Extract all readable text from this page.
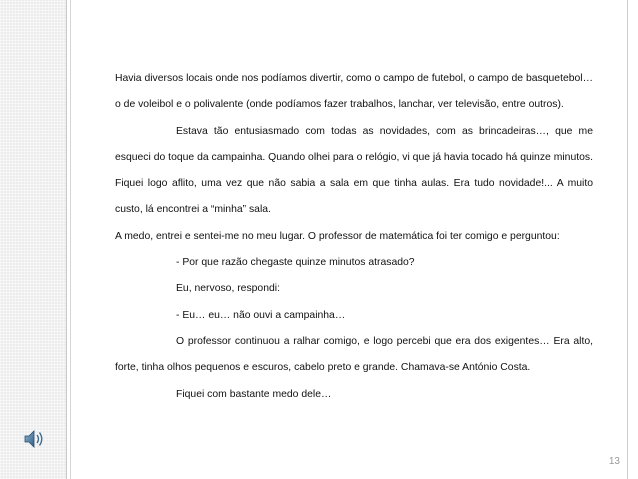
Havia diversos locais onde nos podíamos divertir, como o campo de futebol, o campo de basquetebol… o de voleibol e o polivalente (onde podíamos fazer trabalhos, lanchar, ver televisão, entre outros).

Estava tão entusiasmado com todas as novidades, com as brincadeiras…, que me esqueci do toque da campainha. Quando olhei para o relógio, vi que já havia tocado há quinze minutos. Fiquei logo aflito, uma vez que não sabia a sala em que tinha aulas. Era tudo novidade!... A muito custo, lá encontrei a “minha” sala.

A medo, entrei e sentei-me no meu lugar. O professor de matemática foi ter comigo e perguntou:

- Por que razão chegaste quinze minutos atrasado?

Eu, nervoso, respondi:

- Eu… eu… não ouvi a campainha…

O professor continuou a ralhar comigo, e logo percebi que era dos exigentes… Era alto, forte, tinha olhos pequenos e escuros, cabelo preto e grande. Chamava-se António Costa.

Fiquei com bastante medo dele…

13
